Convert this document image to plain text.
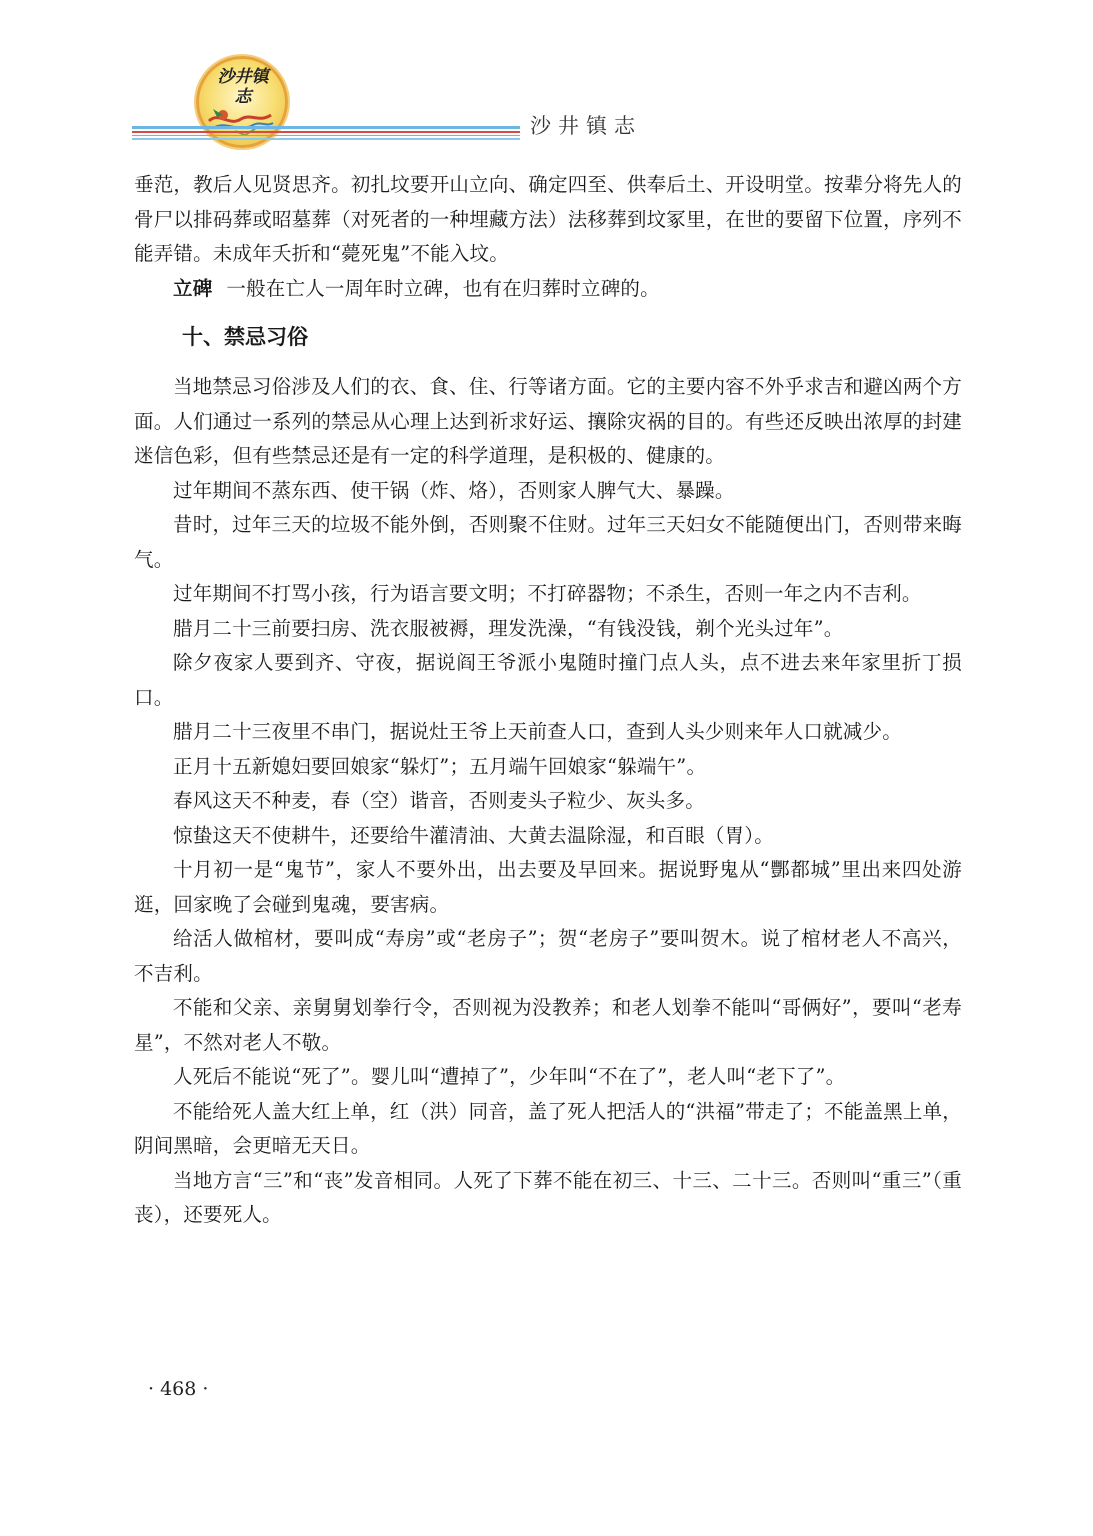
沙井镇志
沙井镇志

垂范，教后人见贤思齐。初扎坟要开山立向、确定四至、供奉后土、开设明堂。按辈分将先人的骨尸以排码葬或昭墓葬（对死者的一种埋藏方法）法移葬到坟冢里，在世的要留下位置，序列不能弄错。未成年夭折和“薨死鬼”不能入坟。

立碑 一般在亡人一周年时立碑，也有在归葬时立碑的。

十、禁忌习俗

当地禁忌习俗涉及人们的衣、食、住、行等诸方面。它的主要内容不外乎求吉和避凶两个方面。人们通过一系列的禁忌从心理上达到祈求好运、攘除灾祸的目的。有些还反映出浓厚的封建迷信色彩，但有些禁忌还是有一定的科学道理，是积极的、健康的。

过年期间不蒸东西、使干锅（炸、烙），否则家人脾气大、暴躁。

昔时，过年三天的垃圾不能外倒，否则聚不住财。过年三天妇女不能随便出门，否则带来晦气。

过年期间不打骂小孩，行为语言要文明；不打碎器物；不杀生，否则一年之内不吉利。

腊月二十三前要扫房、洗衣服被褥，理发洗澡，“有钱没钱，剃个光头过年”。

除夕夜家人要到齐、守夜，据说阎王爷派小鬼随时撞门点人头，点不进去来年家里折丁损口。

腊月二十三夜里不串门，据说灶王爷上天前查人口，查到人头少则来年人口就减少。

正月十五新媳妇要回娘家“躲灯”；五月端午回娘家“躲端午”。

春风这天不种麦，春（空）谐音，否则麦头子粒少、灰头多。

惊蛰这天不使耕牛，还要给牛灌清油、大黄去温除湿，和百眼（胃）。

十月初一是“鬼节”，家人不要外出，出去要及早回来。据说野鬼从“酆都城”里出来四处游逛，回家晚了会碰到鬼魂，要害病。

给活人做棺材，要叫成“寿房”或“老房子”；贺“老房子”要叫贺木。说了棺材老人不高兴，不吉利。

不能和父亲、亲舅舅划拳行令，否则视为没教养；和老人划拳不能叫“哥俩好”，要叫“老寿星”，不然对老人不敬。

人死后不能说“死了”。婴儿叫“遭掉了”，少年叫“不在了”，老人叫“老下了”。

不能给死人盖大红上单，红（洪）同音，盖了死人把活人的“洪福”带走了；不能盖黑上单，阴间黑暗，会更暗无天日。

当地方言“三”和“丧”发音相同。人死了下葬不能在初三、十三、二十三。否则叫“重三”（重丧），还要死人。

· 468 ·
